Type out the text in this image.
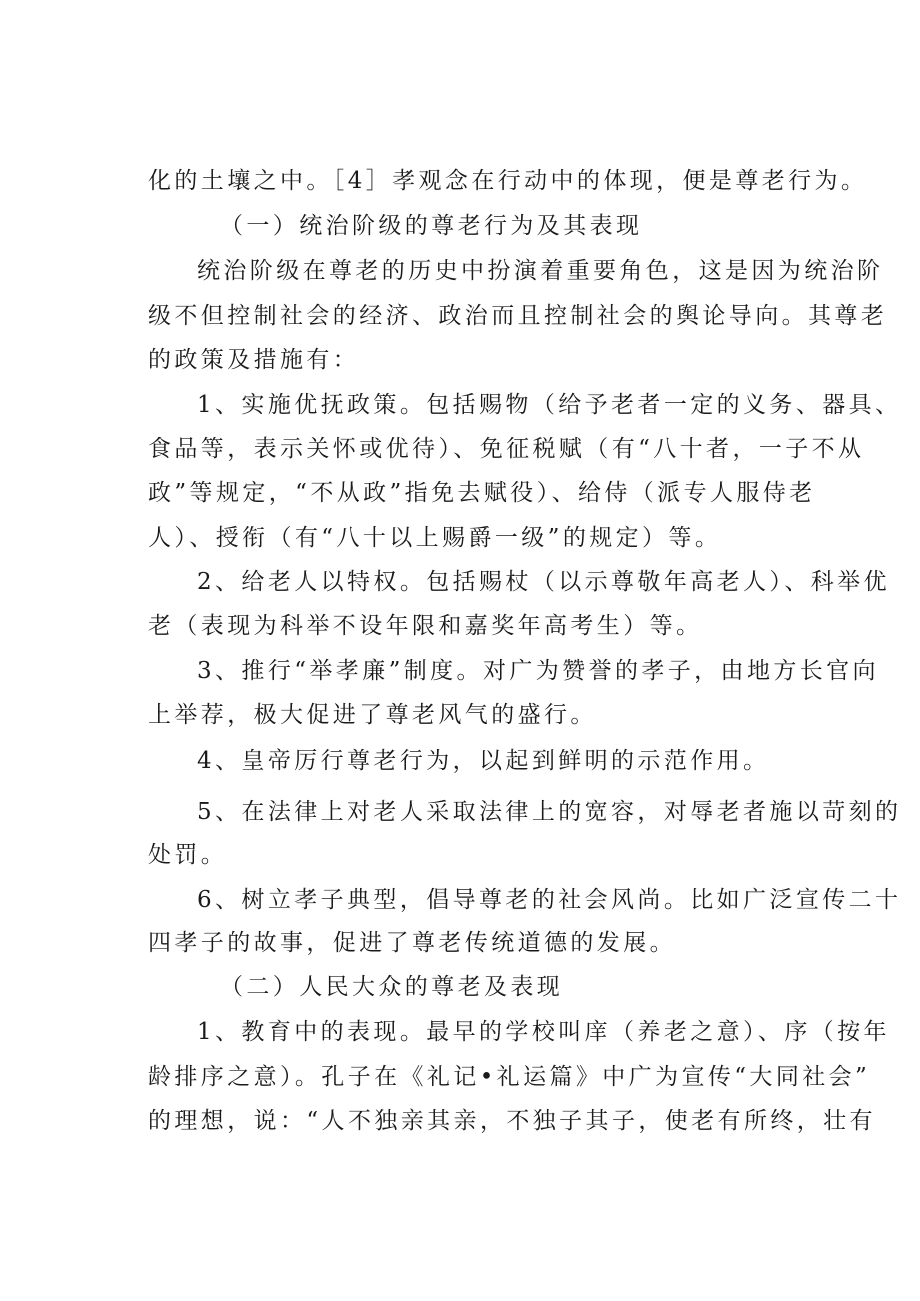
化的土壤之中。［4］孝观念在行动中的体现，便是尊老行为。
（一）统治阶级的尊老行为及其表现
统治阶级在尊老的历史中扮演着重要角色，这是因为统治阶
级不但控制社会的经济、政治而且控制社会的舆论导向。其尊老
的政策及措施有：
1、实施优抚政策。包括赐物（给予老者一定的义务、器具、
食品等，表示关怀或优待）、免征税赋（有“八十者，一子不从
政”等规定，“不从政”指免去赋役）、给侍（派专人服侍老
人）、授衔（有“八十以上赐爵一级”的规定）等。
2、给老人以特权。包括赐杖（以示尊敬年高老人）、科举优
老（表现为科举不设年限和嘉奖年高考生）等。
3、推行“举孝廉”制度。对广为赞誉的孝子，由地方长官向
上举荐，极大促进了尊老风气的盛行。
4、皇帝厉行尊老行为，以起到鲜明的示范作用。
5、在法律上对老人采取法律上的宽容，对辱老者施以苛刻的
处罚。
6、树立孝子典型，倡导尊老的社会风尚。比如广泛宣传二十
四孝子的故事，促进了尊老传统道德的发展。
（二）人民大众的尊老及表现
1、教育中的表现。最早的学校叫庠（养老之意）、序（按年
龄排序之意）。孔子在《礼记•礼运篇》中广为宣传“大同社会”
的理想，说：“人不独亲其亲，不独子其子，使老有所终，壮有
